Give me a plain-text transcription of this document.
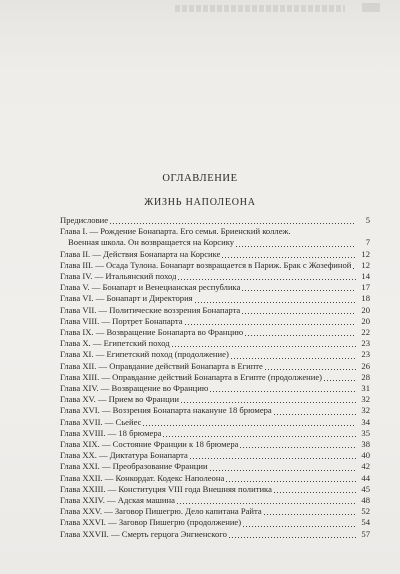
ОГЛАВЛЕНИЕ
ЖИЗНЬ НАПОЛЕОНА
Предисловие	5
Глава I. — Рождение Бонапарта. Его семья. Бриенский коллеж.
Военная школа. Он возвращается на Корсику	7
Глава II. — Действия Бонапарта на Корсике	12
Глава III. — Осада Тулона. Бонапарт возвращается в Париж. Брак с Жозефиной	12
Глава IV. — Итальянский поход	14
Глава V. — Бонапарт и Венецианская республика	17
Глава VI. — Бонапарт и Директория	18
Глава VII. — Политические воззрения Бонапарта	20
Глава VIII. — Портрет Бонапарта	20
Глава IX. — Возвращение Бонапарта во Францию	22
Глава X. — Египетский поход	23
Глава XI. — Египетский поход (продолжение)	23
Глава XII. — Оправдание действий Бонапарта в Египте	26
Глава XIII. — Оправдание действий Бонапарта в Египте (продолжение)	28
Глава XIV. — Возвращение во Францию	31
Глава XV. — Прием во Франции	32
Глава XVI. — Воззрения Бонапарта накануне 18 брюмера	32
Глава XVII. — Сьейес	34
Глава XVIII. — 18 брюмера	35
Глава XIX. — Состояние Франции к 18 брюмера	38
Глава XX. — Диктатура Бонапарта	40
Глава XXI. — Преобразование Франции	42
Глава XXII. — Конкордат. Кодекс Наполеона	44
Глава XXIII. — Конституция VIII года Внешняя политика	45
Глава XXIV. — Адская машина	48
Глава XXV. — Заговор Пишегрю. Дело капитана Райта	52
Глава XXVI. — Заговор Пишегрю (продолжение)	54
Глава XXVII. — Смерть герцога Энгиенского	57
